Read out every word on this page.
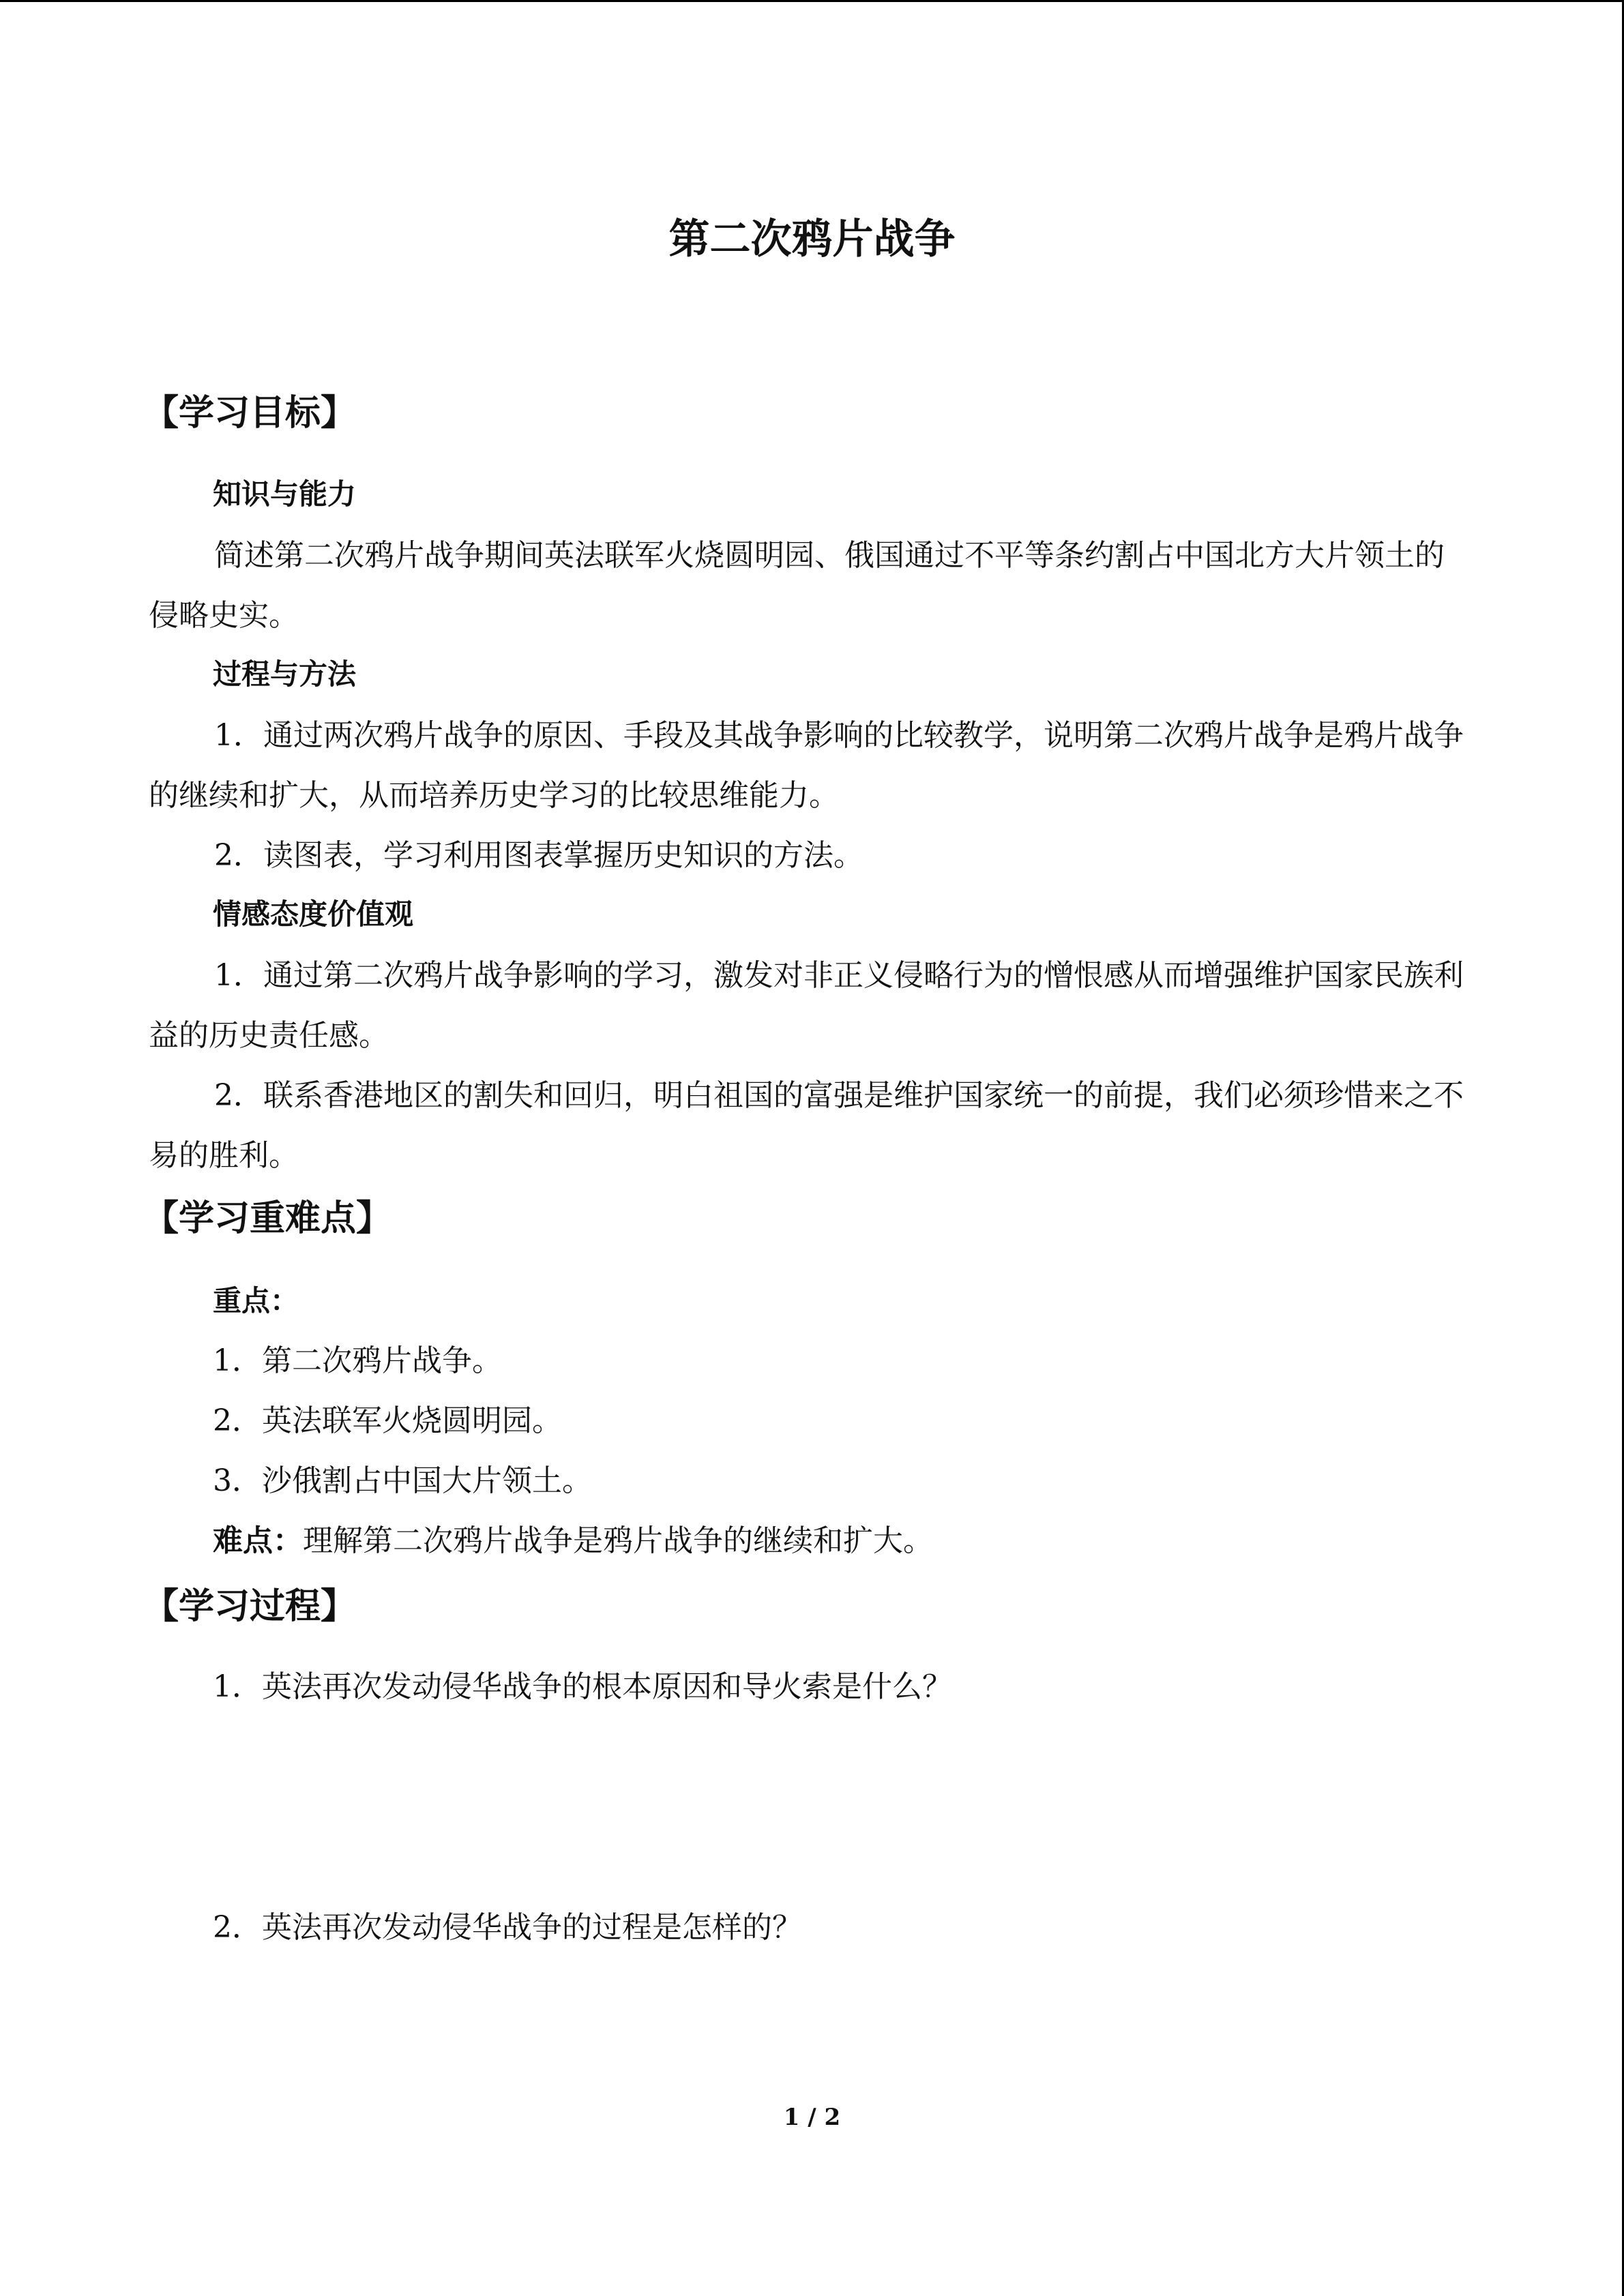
第二次鸦片战争
【学习目标】
知识与能力
简述第二次鸦片战争期间英法联军火烧圆明园、俄国通过不平等条约割占中国北方大片领土的侵略史实。
过程与方法
1．通过两次鸦片战争的原因、手段及其战争影响的比较教学，说明第二次鸦片战争是鸦片战争的继续和扩大，从而培养历史学习的比较思维能力。
2．读图表，学习利用图表掌握历史知识的方法。
情感态度价值观
1．通过第二次鸦片战争影响的学习，激发对非正义侵略行为的憎恨感从而增强维护国家民族利益的历史责任感。
2．联系香港地区的割失和回归，明白祖国的富强是维护国家统一的前提，我们必须珍惜来之不易的胜利。
【学习重难点】
重点：
1．第二次鸦片战争。
2．英法联军火烧圆明园。
3．沙俄割占中国大片领土。
难点：理解第二次鸦片战争是鸦片战争的继续和扩大。
【学习过程】
1．英法再次发动侵华战争的根本原因和导火索是什么？
2．英法再次发动侵华战争的过程是怎样的？
1 / 2
